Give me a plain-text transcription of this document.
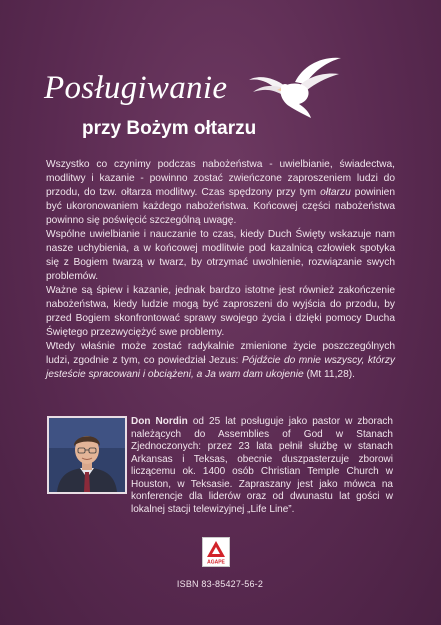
Posługiwanie
przy Bożym ołtarzu

Wszystko co czynimy podczas nabożeństwa - uwielbianie, świadectwa, modlitwy i kazanie - powinno zostać zwieńczone zaproszeniem ludzi do przodu, do tzw. ołtarza modlitwy. Czas spędzony przy tym ołtarzu powinien być ukoronowaniem każdego nabożeństwa. Końcowej części nabożeństwa powinno się poświęcić szczególną uwagę.

Wspólne uwielbianie i nauczanie to czas, kiedy Duch Święty wskazuje nam nasze uchybienia, a w końcowej modlitwie pod kazalnicą człowiek spotyka się z Bogiem twarzą w twarz, by otrzymać uwolnienie, rozwiązanie swych problemów.

Ważne są śpiew i kazanie, jednak bardzo istotne jest również zakończenie nabożeństwa, kiedy ludzie mogą być zaproszeni do wyjścia do przodu, by przed Bogiem skonfrontować sprawy swojego życia i dzięki pomocy Ducha Świętego przezwyciężyć swe problemy.

Wtedy właśnie może zostać radykalnie zmienione życie poszczególnych ludzi, zgodnie z tym, co powiedział Jezus: Pójdźcie do mnie wszyscy, którzy jesteście spracowani i obciążeni, a Ja wam dam ukojenie (Mt 11,28).

Don Nordin od 25 lat posługuje jako pastor w zborach należących do Assemblies of God w Stanach Zjednoczonych: przez 23 lata pełnił służbę w stanach Arkansas i Teksas, obecnie duszpasterzuje zborowi liczącemu ok. 1400 osób Christian Temple Church w Houston, w Teksasie. Zapraszany jest jako mówca na konferencje dla liderów oraz od dwunastu lat gości w lokalnej stacji telewizyjnej „Life Line”.
AGAPE
ISBN 83-85427-56-2
